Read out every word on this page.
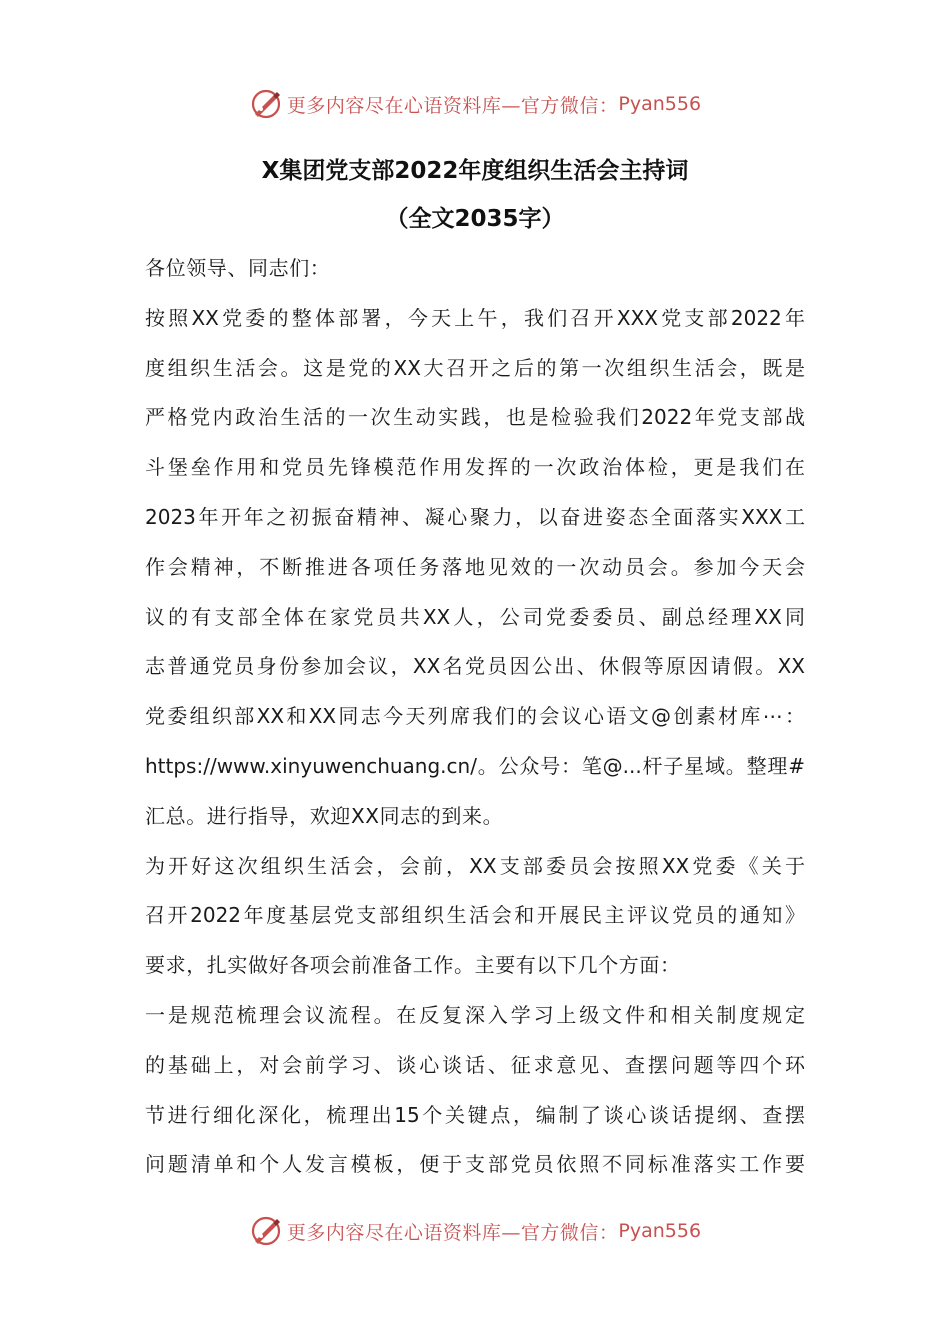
更多内容尽在心语资料库—官方微信： Pyan556
X集团党支部2022年度组织生活会主持词
（全文2035字）
各位领导、同志们：
按照XX党委的整体部署，今天上午，我们召开XXX党支部2022年
度组织生活会。这是党的XX大召开之后的第一次组织生活会，既是
严格党内政治生活的一次生动实践，也是检验我们2022年党支部战
斗堡垒作用和党员先锋模范作用发挥的一次政治体检，更是我们在
2023年开年之初振奋精神、凝心聚力，以奋进姿态全面落实XXX工
作会精神，不断推进各项任务落地见效的一次动员会。参加今天会
议的有支部全体在家党员共XX人，公司党委委员、副总经理XX同
志普通党员身份参加会议，XX名党员因公出、休假等原因请假。XX
党委组织部XX和XX同志今天列席我们的会议心语文@创素材库⋯：
https://www.xinyuwenchuang.cn/。公众号：笔@...杆子星域。整理#
汇总。进行指导，欢迎XX同志的到来。
为开好这次组织生活会，会前，XX支部委员会按照XX党委《关于
召开2022年度基层党支部组织生活会和开展民主评议党员的通知》
要求，扎实做好各项会前准备工作。主要有以下几个方面：
一是规范梳理会议流程。在反复深入学习上级文件和相关制度规定
的基础上，对会前学习、谈心谈话、征求意见、查摆问题等四个环
节进行细化深化，梳理出15个关键点，编制了谈心谈话提纲、查摆
问题清单和个人发言模板，便于支部党员依照不同标准落实工作要
更多内容尽在心语资料库—官方微信： Pyan556
